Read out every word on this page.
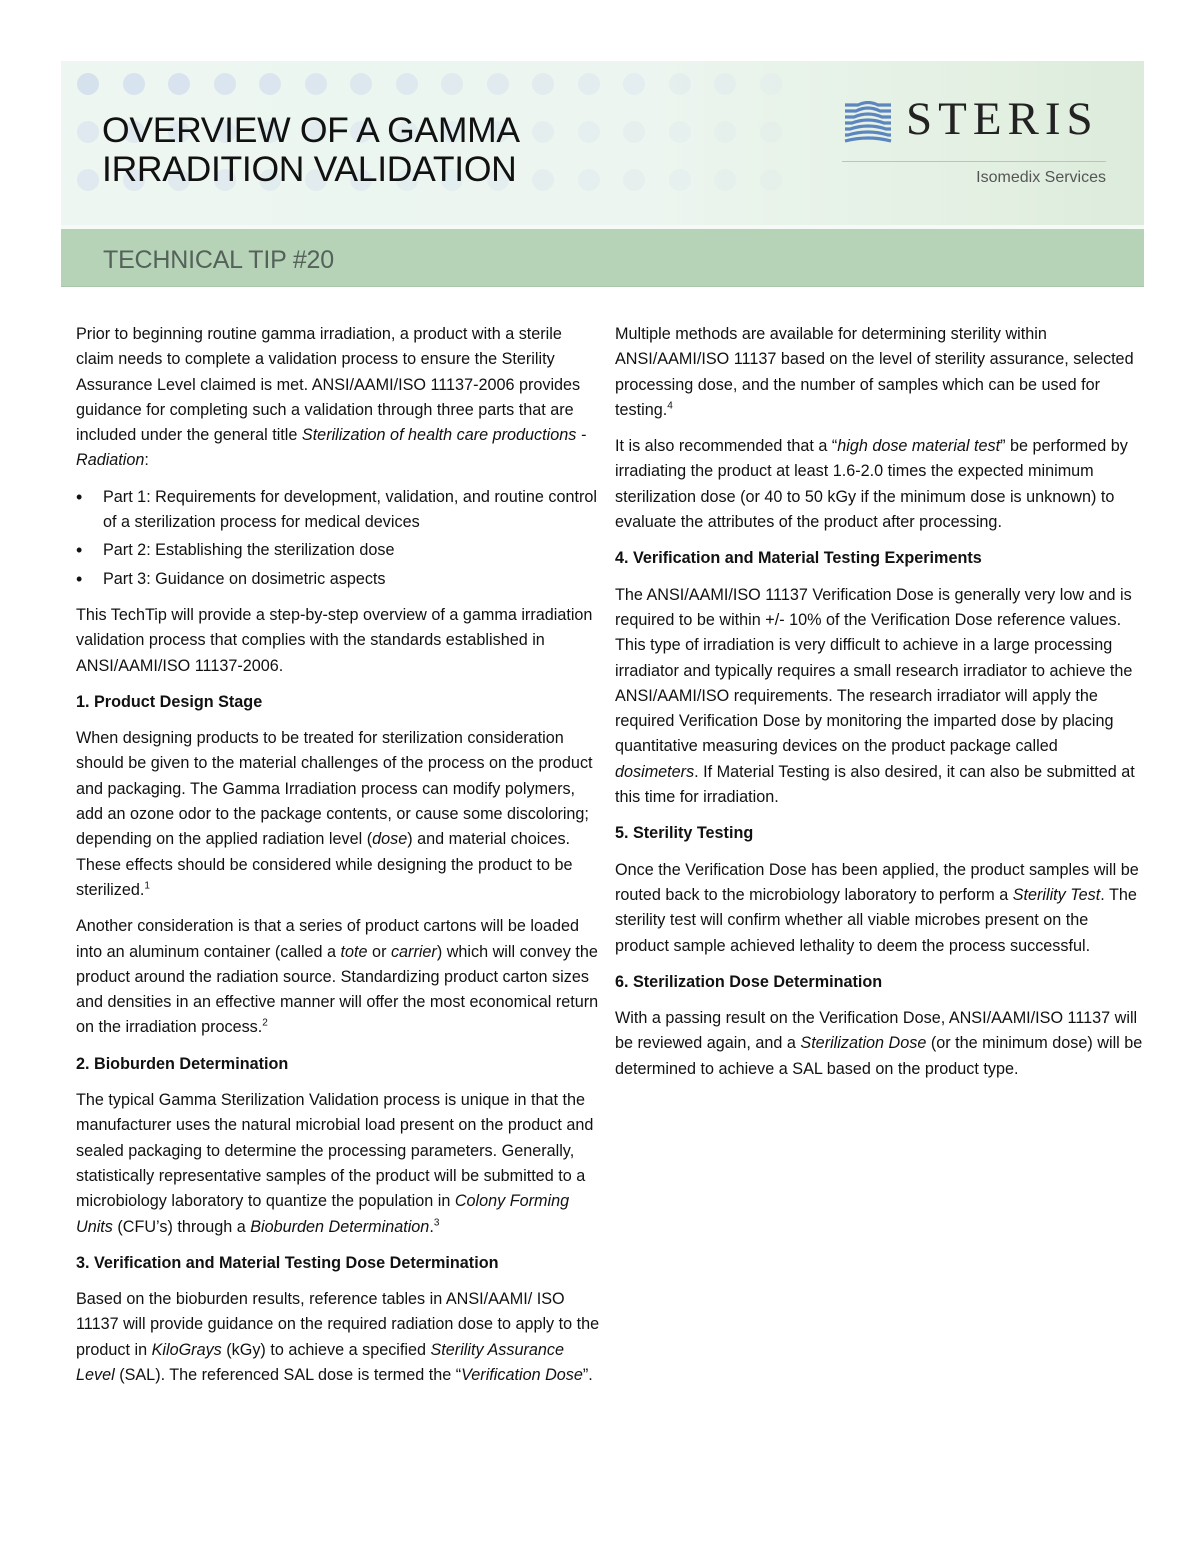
OVERVIEW OF A GAMMA
IRRADITION VALIDATION
STERIS
Isomedix Services
TECHNICAL TIP #20

Prior to beginning routine gamma irradiation, a product with a sterile claim needs to complete a validation process to ensure the Sterility Assurance Level claimed is met. ANSI/AAMI/ISO 11137-2006 provides guidance for completing such a validation through three parts that are included under the general title Sterilization of health care productions - Radiation:

• Part 1: Requirements for development, validation, and routine control of a sterilization process for medical devices
• Part 2: Establishing the sterilization dose
• Part 3: Guidance on dosimetric aspects

This TechTip will provide a step-by-step overview of a gamma irradiation validation process that complies with the standards established in ANSI/AAMI/ISO 11137-2006.

1. Product Design Stage

When designing products to be treated for sterilization consideration should be given to the material challenges of the process on the product and packaging. The Gamma Irradiation process can modify polymers, add an ozone odor to the package contents, or cause some discoloring; depending on the applied radiation level (dose) and material choices. These effects should be considered while designing the product to be sterilized.$^1$

Another consideration is that a series of product cartons will be loaded into an aluminum container (called a tote or carrier) which will convey the product around the radiation source. Standardizing product carton sizes and densities in an effective manner will offer the most economical return on the irradiation process.$^2$

2. Bioburden Determination

The typical Gamma Sterilization Validation process is unique in that the manufacturer uses the natural microbial load present on the product and sealed packaging to determine the processing parameters. Generally, statistically representative samples of the product will be submitted to a microbiology laboratory to quantize the population in Colony Forming Units (CFU’s) through a Bioburden Determination.$^3$

3. Verification and Material Testing Dose Determination

Based on the bioburden results, reference tables in ANSI/AAMI/ ISO 11137 will provide guidance on the required radiation dose to apply to the product in KiloGrays (kGy) to achieve a specified Sterility Assurance Level (SAL). The referenced SAL dose is termed the “Verification Dose”.

Multiple methods are available for determining sterility within ANSI/AAMI/ISO 11137 based on the level of sterility assurance, selected processing dose, and the number of samples which can be used for testing.$^4$

It is also recommended that a “high dose material test” be performed by irradiating the product at least 1.6-2.0 times the expected minimum sterilization dose (or 40 to 50 kGy if the minimum dose is unknown) to evaluate the attributes of the product after processing.

4. Verification and Material Testing Experiments

The ANSI/AAMI/ISO 11137 Verification Dose is generally very low and is required to be within +/- 10% of the Verification Dose reference values. This type of irradiation is very difficult to achieve in a large processing irradiator and typically requires a small research irradiator to achieve the ANSI/AAMI/ISO requirements. The research irradiator will apply the required Verification Dose by monitoring the imparted dose by placing quantitative measuring devices on the product package called dosimeters. If Material Testing is also desired, it can also be submitted at this time for irradiation.

5. Sterility Testing

Once the Verification Dose has been applied, the product samples will be routed back to the microbiology laboratory to perform a Sterility Test. The sterility test will confirm whether all viable microbes present on the product sample achieved lethality to deem the process successful.

6. Sterilization Dose Determination

With a passing result on the Verification Dose, ANSI/AAMI/ISO 11137 will be reviewed again, and a Sterilization Dose (or the minimum dose) will be determined to achieve a SAL based on the product type.
